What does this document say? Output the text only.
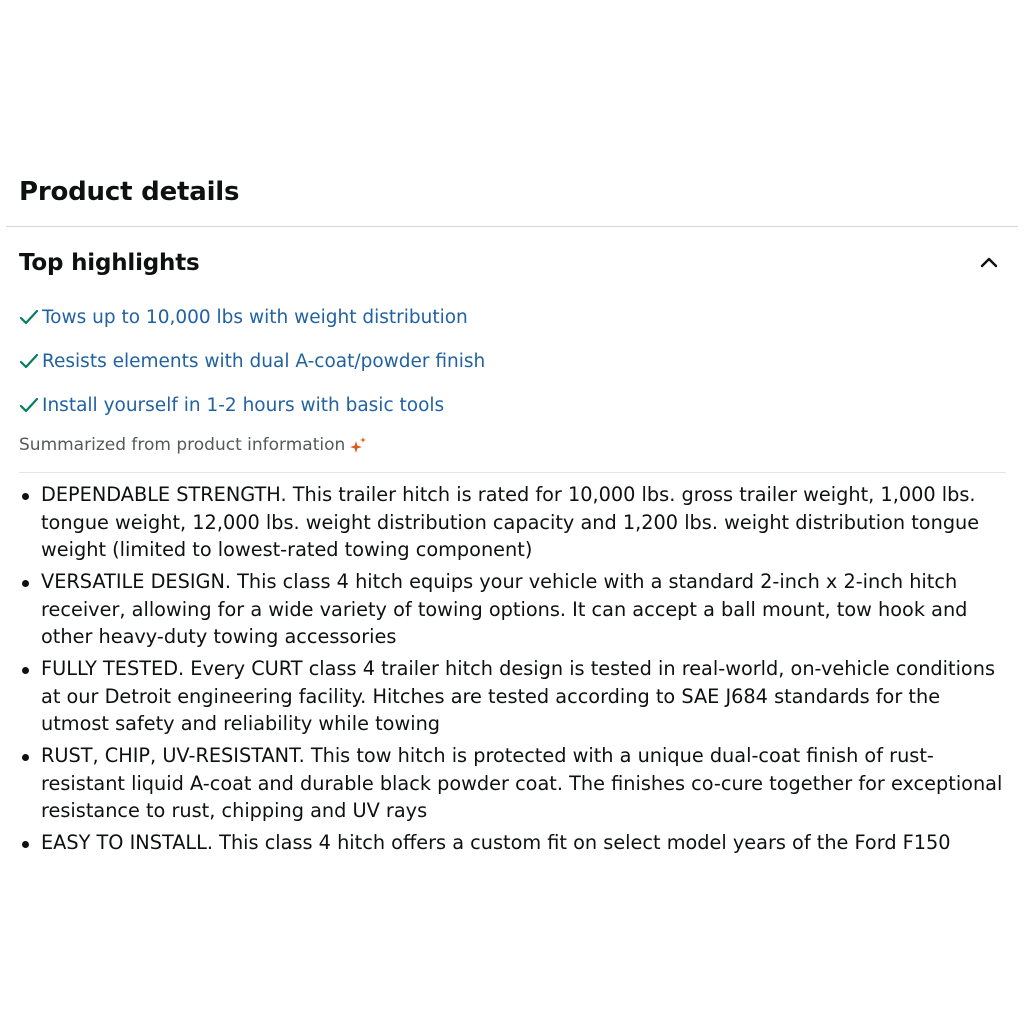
Product details
Top highlights
Tows up to 10,000 lbs with weight distribution
Resists elements with dual A-coat/powder finish
Install yourself in 1-2 hours with basic tools
Summarized from product information
DEPENDABLE STRENGTH. This trailer hitch is rated for 10,000 lbs. gross trailer weight, 1,000 lbs. tongue weight, 12,000 lbs. weight distribution capacity and 1,200 lbs. weight distribution tongue weight (limited to lowest-rated towing component)
VERSATILE DESIGN. This class 4 hitch equips your vehicle with a standard 2-inch x 2-inch hitch receiver, allowing for a wide variety of towing options. It can accept a ball mount, tow hook and other heavy-duty towing accessories
FULLY TESTED. Every CURT class 4 trailer hitch design is tested in real-world, on-vehicle conditions at our Detroit engineering facility. Hitches are tested according to SAE J684 standards for the utmost safety and reliability while towing
RUST, CHIP, UV-RESISTANT. This tow hitch is protected with a unique dual-coat finish of rust-resistant liquid A-coat and durable black powder coat. The finishes co-cure together for exceptional resistance to rust, chipping and UV rays
EASY TO INSTALL. This class 4 hitch offers a custom fit on select model years of the Ford F150
